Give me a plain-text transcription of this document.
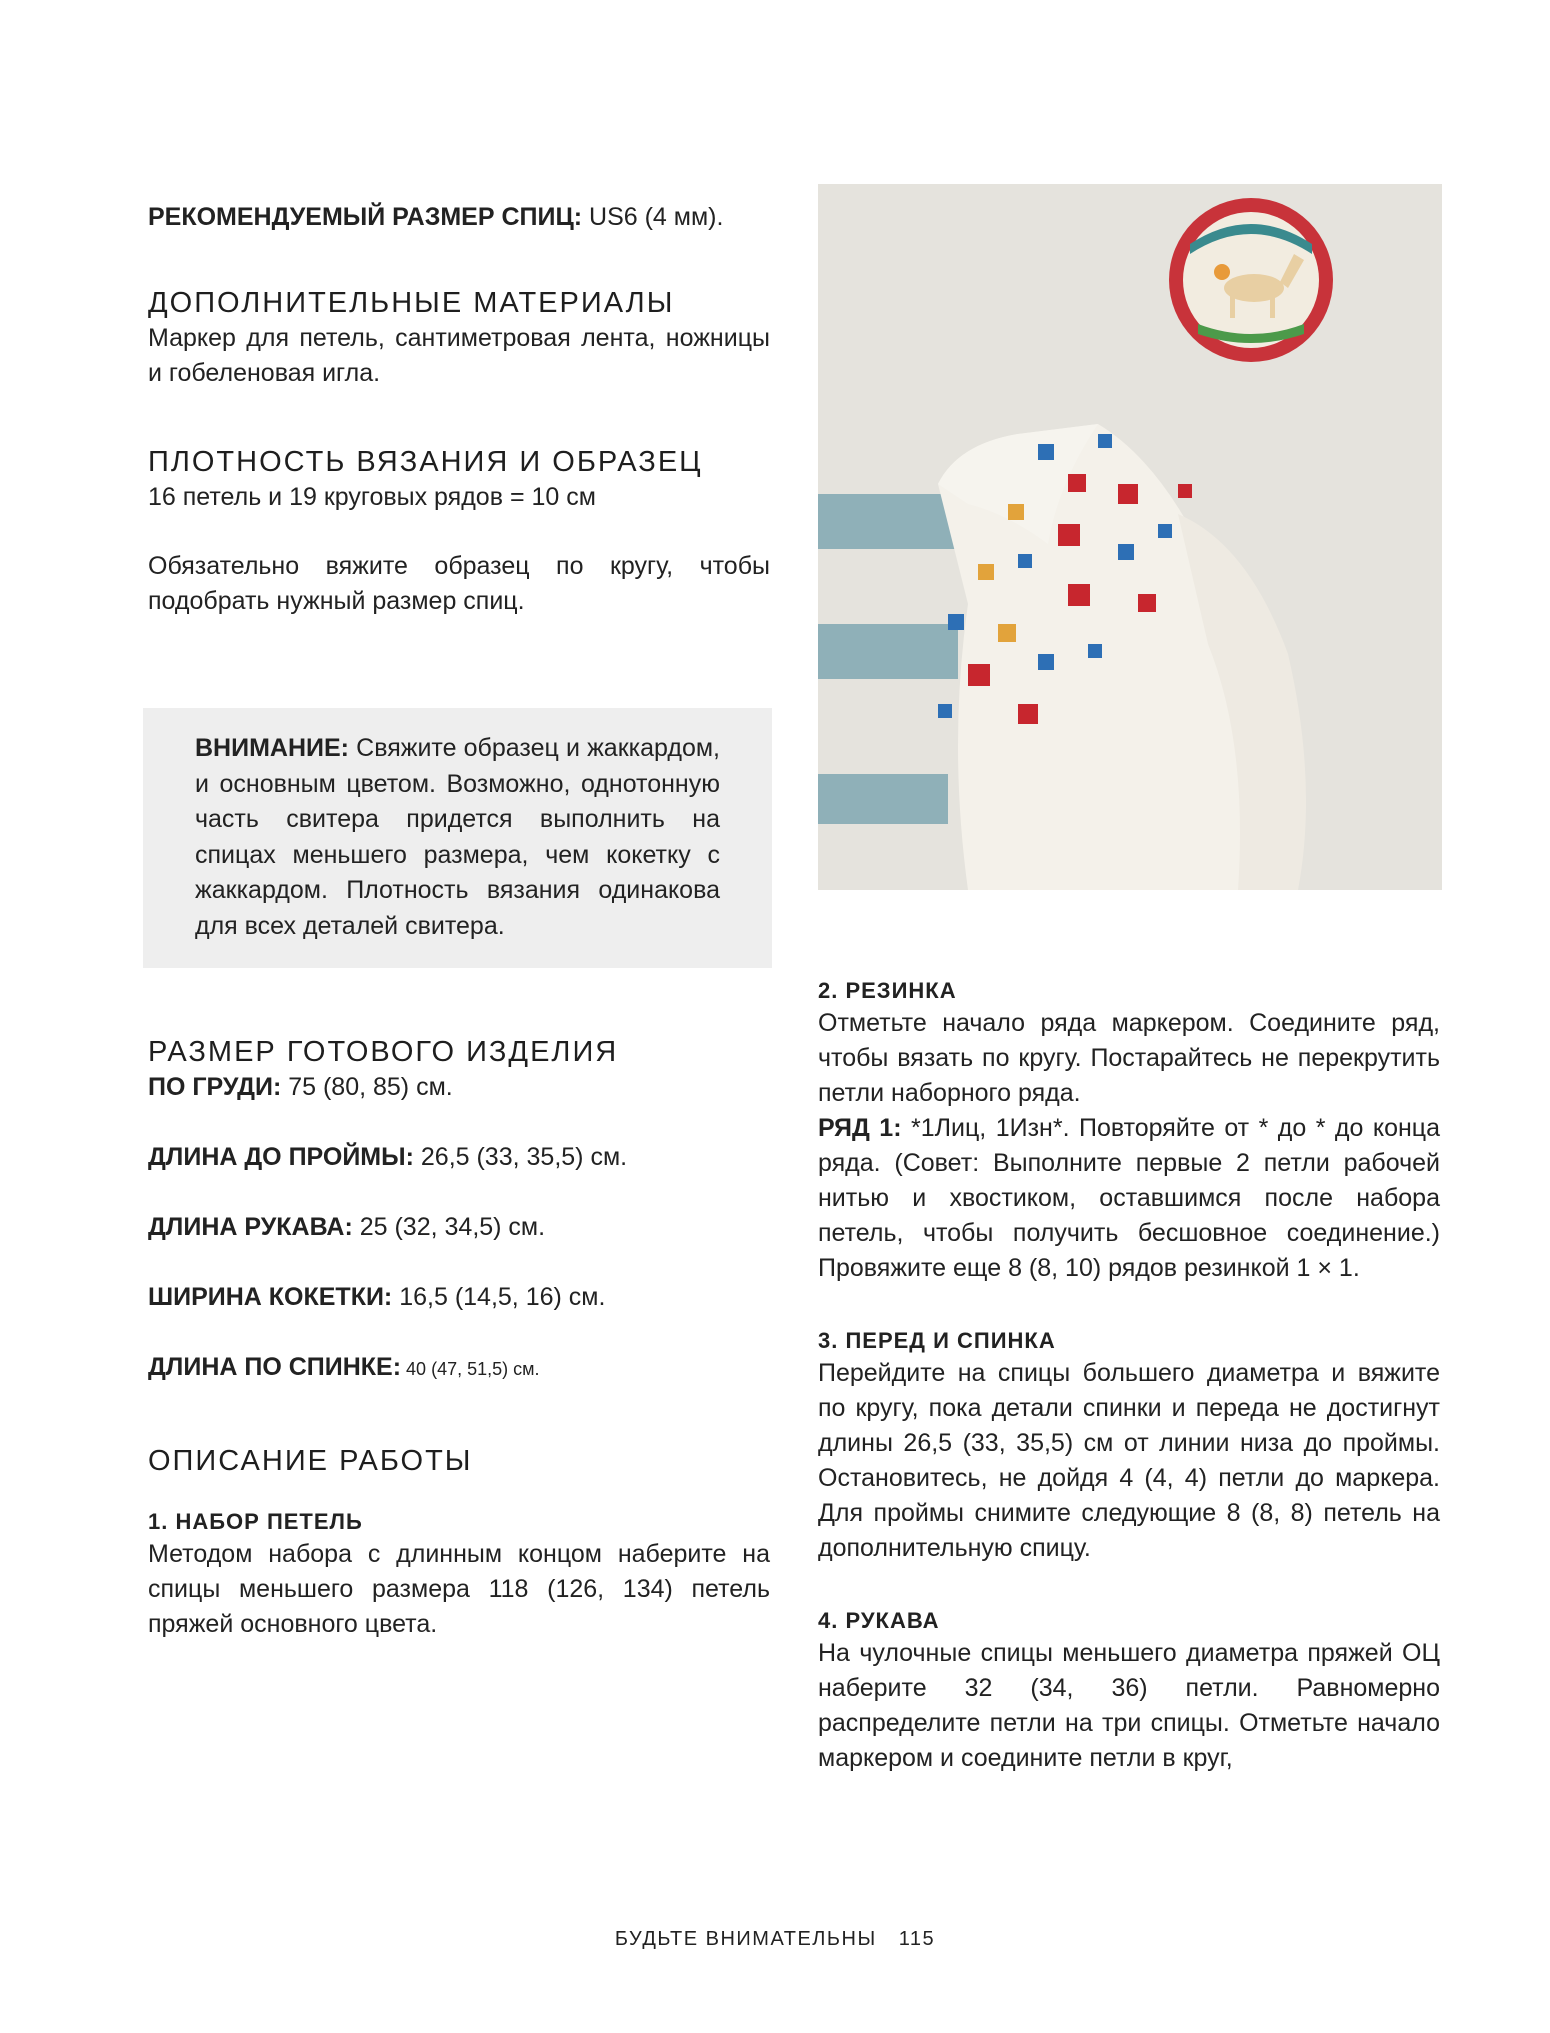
РЕКОМЕНДУЕМЫЙ РАЗМЕР СПИЦ: US6 (4 мм).

ДОПОЛНИТЕЛЬНЫЕ МАТЕРИАЛЫ

Маркер для петель, сантиметровая лента, ножницы и гобеленовая игла.

ПЛОТНОСТЬ ВЯЗАНИЯ И ОБРАЗЕЦ

16 петель и 19 круговых рядов = 10 см

Обязательно вяжите образец по кругу, чтобы подобрать нужный размер спиц.

ВНИМАНИЕ: Свяжите образец и жаккардом, и основным цветом. Возможно, однотонную часть свитера придется выполнить на спицах меньшего размера, чем кокетку с жаккардом. Плотность вязания одинакова для всех деталей свитера.

РАЗМЕР ГОТОВОГО ИЗДЕЛИЯ

ПО ГРУДИ: 75 (80, 85) см.

ДЛИНА ДО ПРОЙМЫ: 26,5 (33, 35,5) см.

ДЛИНА РУКАВА: 25 (32, 34,5) см.

ШИРИНА КОКЕТКИ: 16,5 (14,5, 16) см.

ДЛИНА ПО СПИНКЕ: 40 (47, 51,5) см.

ОПИСАНИЕ РАБОТЫ

1. НАБОР ПЕТЕЛЬ

Методом набора с длинным концом наберите на спицы меньшего размера 118 (126, 134) петель пряжей основного цвета.

2. РЕЗИНКА

Отметьте начало ряда маркером. Соедините ряд, чтобы вязать по кругу. Постарайтесь не перекрутить петли наборного ряда.

РЯД 1: *1Лиц, 1Изн*. Повторяйте от * до * до конца ряда. (Совет: Выполните первые 2 петли рабочей нитью и хвостиком, оставшимся после набора петель, чтобы получить бесшовное соединение.) Провяжите еще 8 (8, 10) рядов резинкой 1 × 1.

3. ПЕРЕД И СПИНКА

Перейдите на спицы большего диаметра и вяжите по кругу, пока детали спинки и переда не достигнут длины 26,5 (33, 35,5) см от линии низа до проймы. Остановитесь, не дойдя 4 (4, 4) петли до маркера. Для проймы снимите следующие 8 (8, 8) петель на дополнительную спицу.

4. РУКАВА

На чулочные спицы меньшего диаметра пряжей ОЦ наберите 32 (34, 36) петли. Равномерно распределите петли на три спицы. Отметьте начало маркером и соедините петли в круг,

БУДЬТЕ ВНИМАТЕЛЬНЫ 115
